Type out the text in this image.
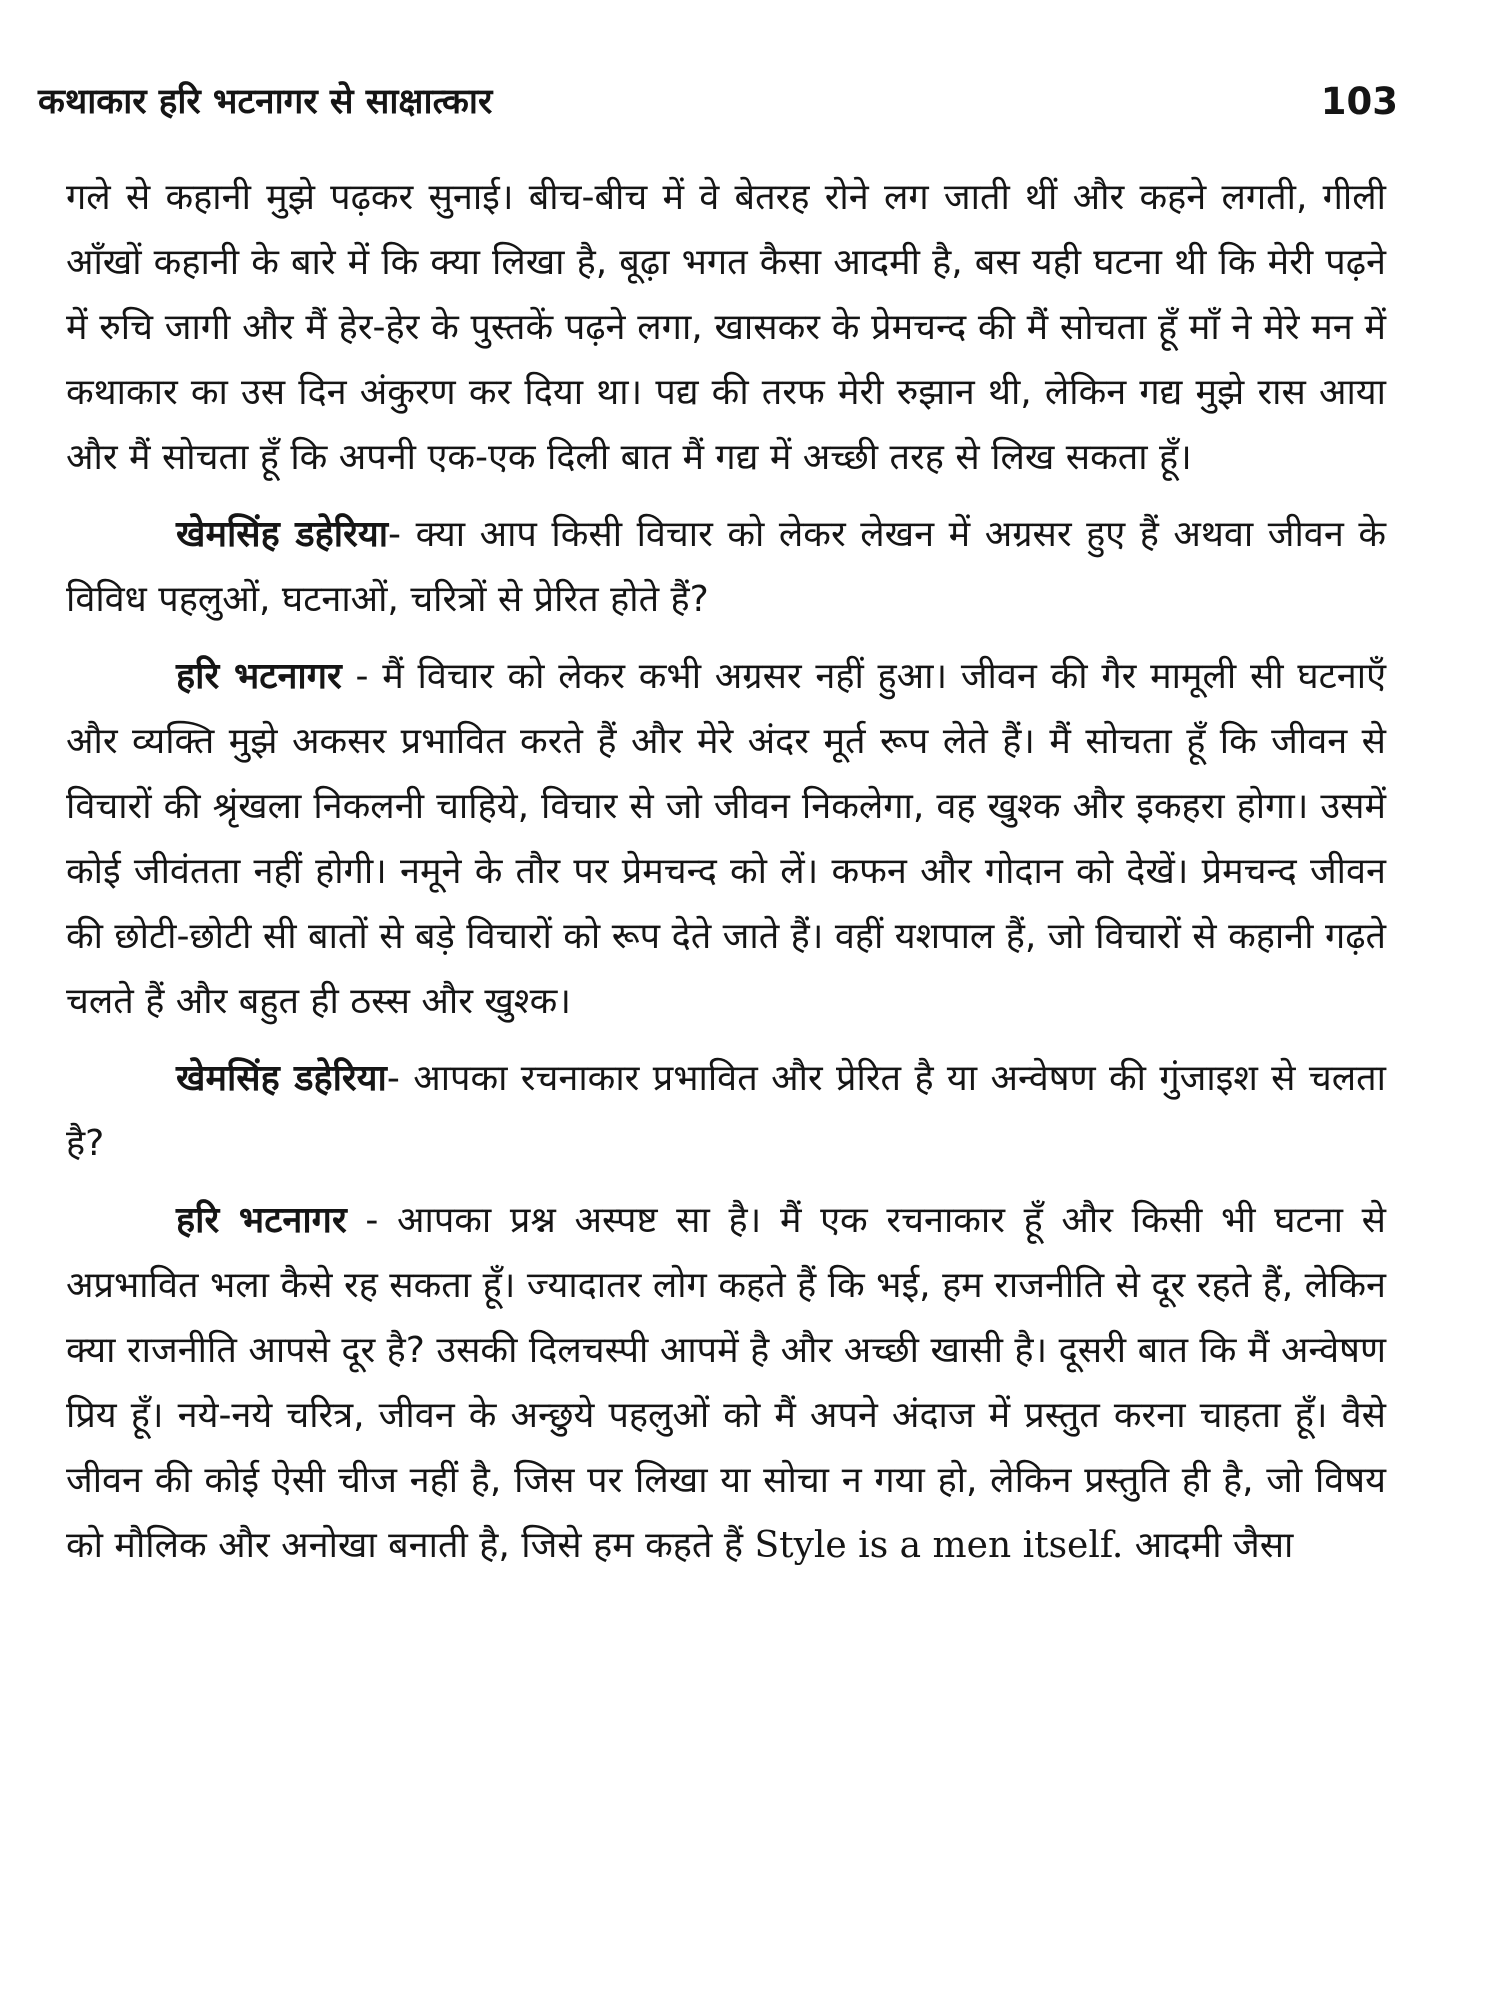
कथाकार हरि भटनागर से साक्षात्कार	103

गले से कहानी मुझे पढ़कर सुनाई। बीच-बीच में वे बेतरह रोने लग जाती थीं और कहने लगती, गीली आँखों कहानी के बारे में कि क्या लिखा है, बूढ़ा भगत कैसा आदमी है, बस यही घटना थी कि मेरी पढ़ने में रुचि जागी और मैं हेर-हेर के पुस्तकें पढ़ने लगा, खासकर के प्रेमचन्द की मैं सोचता हूँ माँ ने मेरे मन में कथाकार का उस दिन अंकुरण कर दिया था। पद्य की तरफ मेरी रुझान थी, लेकिन गद्य मुझे रास आया और मैं सोचता हूँ कि अपनी एक-एक दिली बात मैं गद्य में अच्छी तरह से लिख सकता हूँ।

खेमसिंह डहेरिया- क्या आप किसी विचार को लेकर लेखन में अग्रसर हुए हैं अथवा जीवन के विविध पहलुओं, घटनाओं, चरित्रों से प्रेरित होते हैं?

हरि भटनागर - मैं विचार को लेकर कभी अग्रसर नहीं हुआ। जीवन की गैर मामूली सी घटनाएँ और व्यक्ति मुझे अकसर प्रभावित करते हैं और मेरे अंदर मूर्त रूप लेते हैं। मैं सोचता हूँ कि जीवन से विचारों की श्रृंखला निकलनी चाहिये, विचार से जो जीवन निकलेगा, वह खुश्क और इकहरा होगा। उसमें कोई जीवंतता नहीं होगी। नमूने के तौर पर प्रेमचन्द को लें। कफन और गोदान को देखें। प्रेमचन्द जीवन की छोटी-छोटी सी बातों से बड़े विचारों को रूप देते जाते हैं। वहीं यशपाल हैं, जो विचारों से कहानी गढ़ते चलते हैं और बहुत ही ठस्स और खुश्क।

खेमसिंह डहेरिया- आपका रचनाकार प्रभावित और प्रेरित है या अन्वेषण की गुंजाइश से चलता है?

हरि भटनागर - आपका प्रश्न अस्पष्ट सा है। मैं एक रचनाकार हूँ और किसी भी घटना से अप्रभावित भला कैसे रह सकता हूँ। ज्यादातर लोग कहते हैं कि भई, हम राजनीति से दूर रहते हैं, लेकिन क्या राजनीति आपसे दूर है? उसकी दिलचस्पी आपमें है और अच्छी खासी है। दूसरी बात कि मैं अन्वेषण प्रिय हूँ। नये-नये चरित्र, जीवन के अन्छुये पहलुओं को मैं अपने अंदाज में प्रस्तुत करना चाहता हूँ। वैसे जीवन की कोई ऐसी चीज नहीं है, जिस पर लिखा या सोचा न गया हो, लेकिन प्रस्तुति ही है, जो विषय को मौलिक और अनोखा बनाती है, जिसे हम कहते हैं Style is a men itself. आदमी जैसा
